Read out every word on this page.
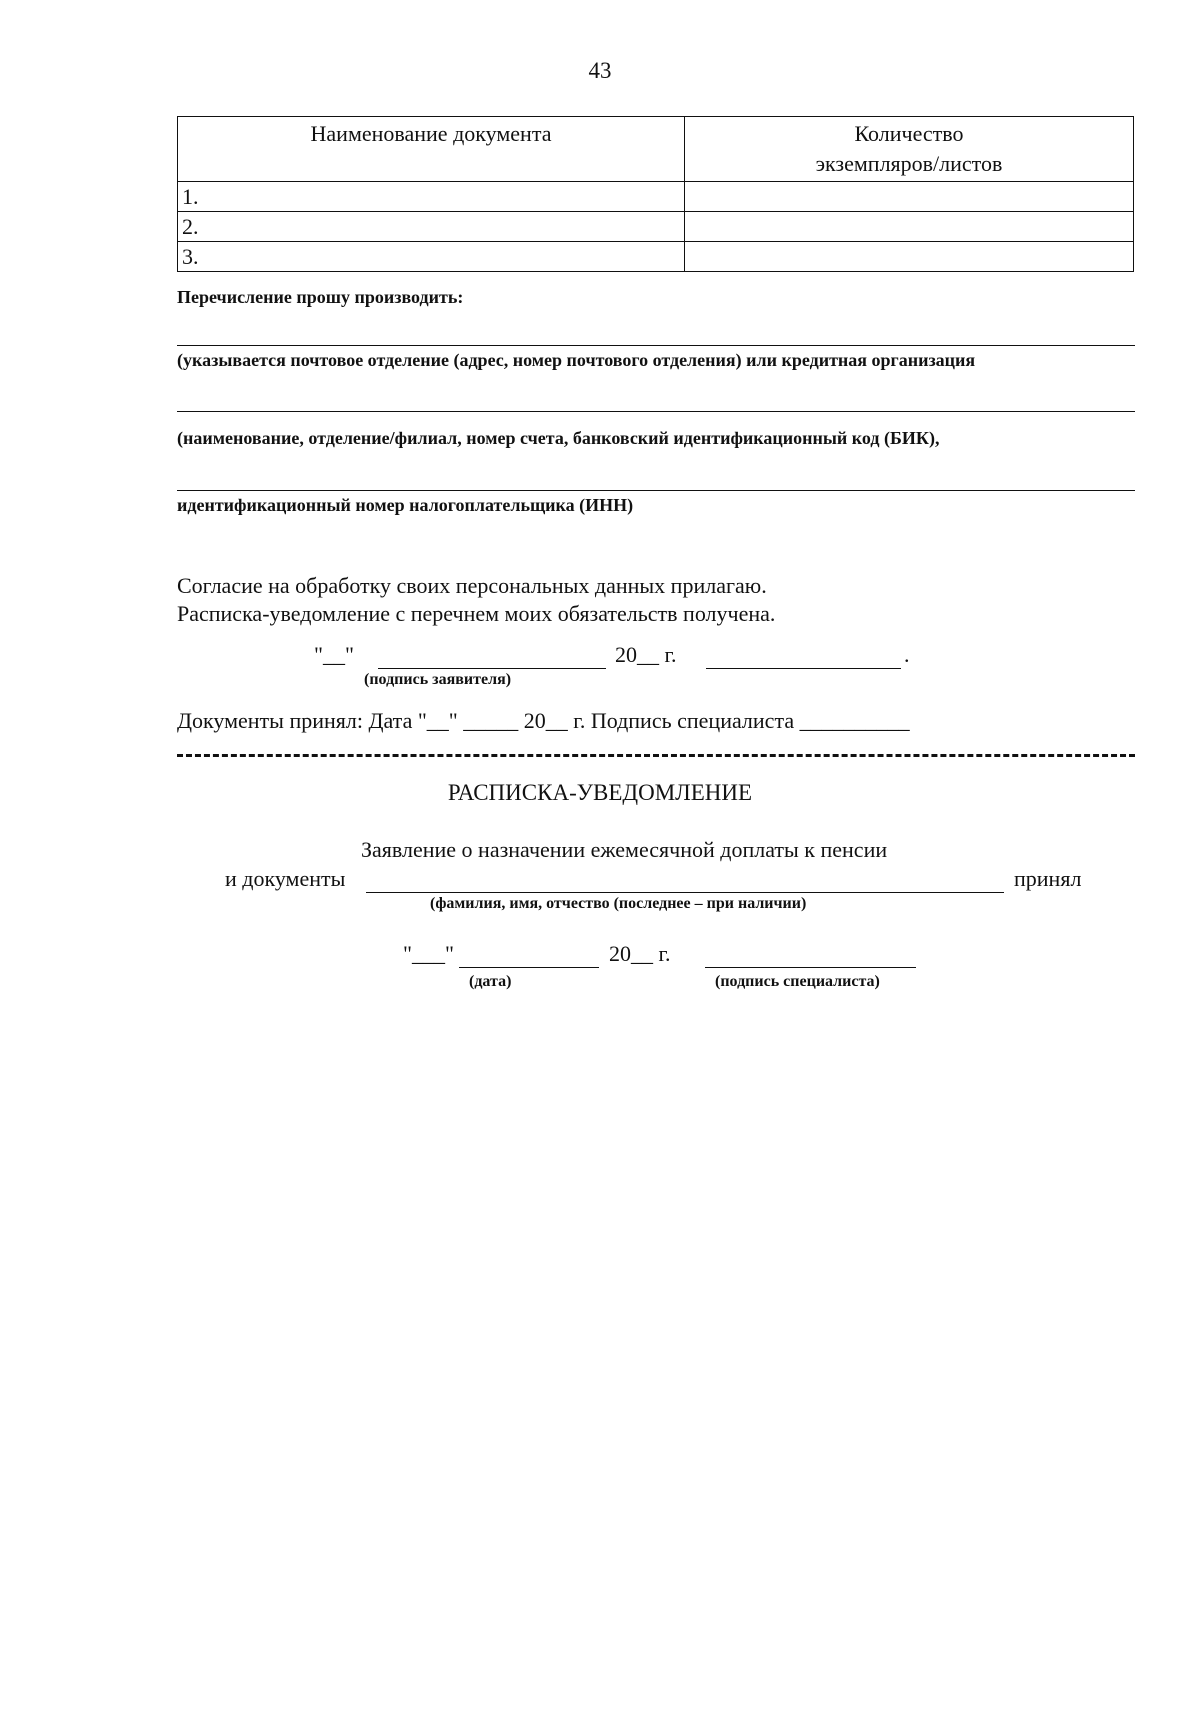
43
Наименование документа	Количество
экземпляров/листов
1.	
2.	
3.	
Перечисление прошу производить:
(указывается почтовое отделение (адрес, номер почтового отделения) или кредитная организация
(наименование, отделение/филиал, номер счета, банковский идентификационный код (БИК),
идентификационный номер налогоплательщика (ИНН)
Согласие на обработку своих персональных данных прилагаю.
Расписка-уведомление с перечнем моих обязательств получена.
"__"	20__ г.	.
(подпись заявителя)
Документы принял: Дата "__" _____ 20__ г. Подпись специалиста __________
РАСПИСКА-УВЕДОМЛЕНИЕ
Заявление о назначении ежемесячной доплаты к пенсии
и документы	принял
(фамилия, имя, отчество (последнее – при наличии)
"___"	20__ г.
(дата)	(подпись специалиста)
